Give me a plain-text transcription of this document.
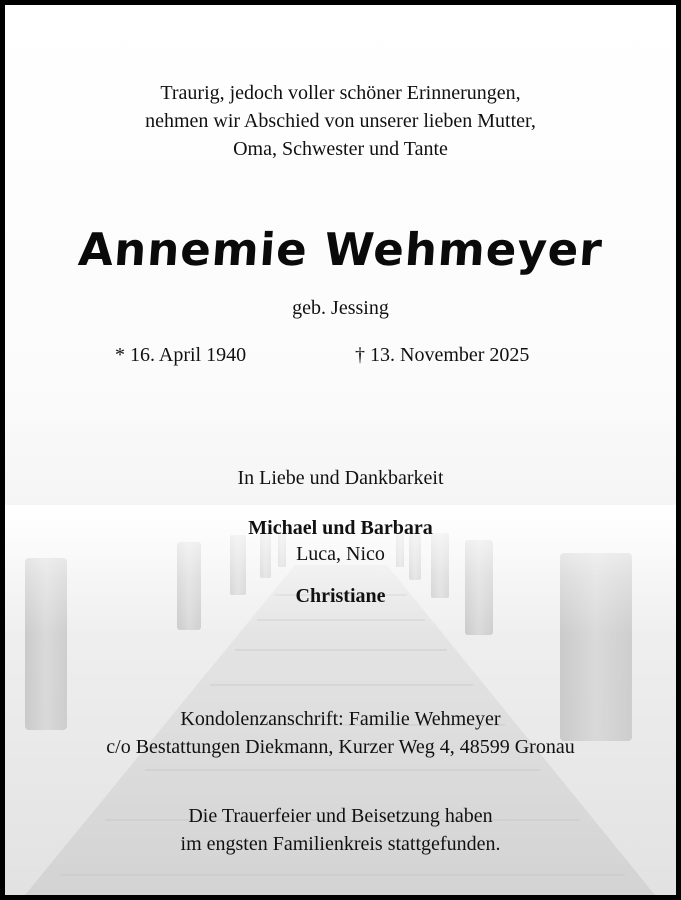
Traurig, jedoch voller schöner Erinnerungen,
nehmen wir Abschied von unserer lieben Mutter,
Oma, Schwester und Tante
Annemie Wehmeyer
geb. Jessing
* 16. April 1940	† 13. November 2025
In Liebe und Dankbarkeit
Michael und Barbara
Luca, Nico
Christiane
Kondolenzanschrift: Familie Wehmeyer
c/o Bestattungen Diekmann, Kurzer Weg 4, 48599 Gronau
Die Trauerfeier und Beisetzung haben
im engsten Familienkreis stattgefunden.
